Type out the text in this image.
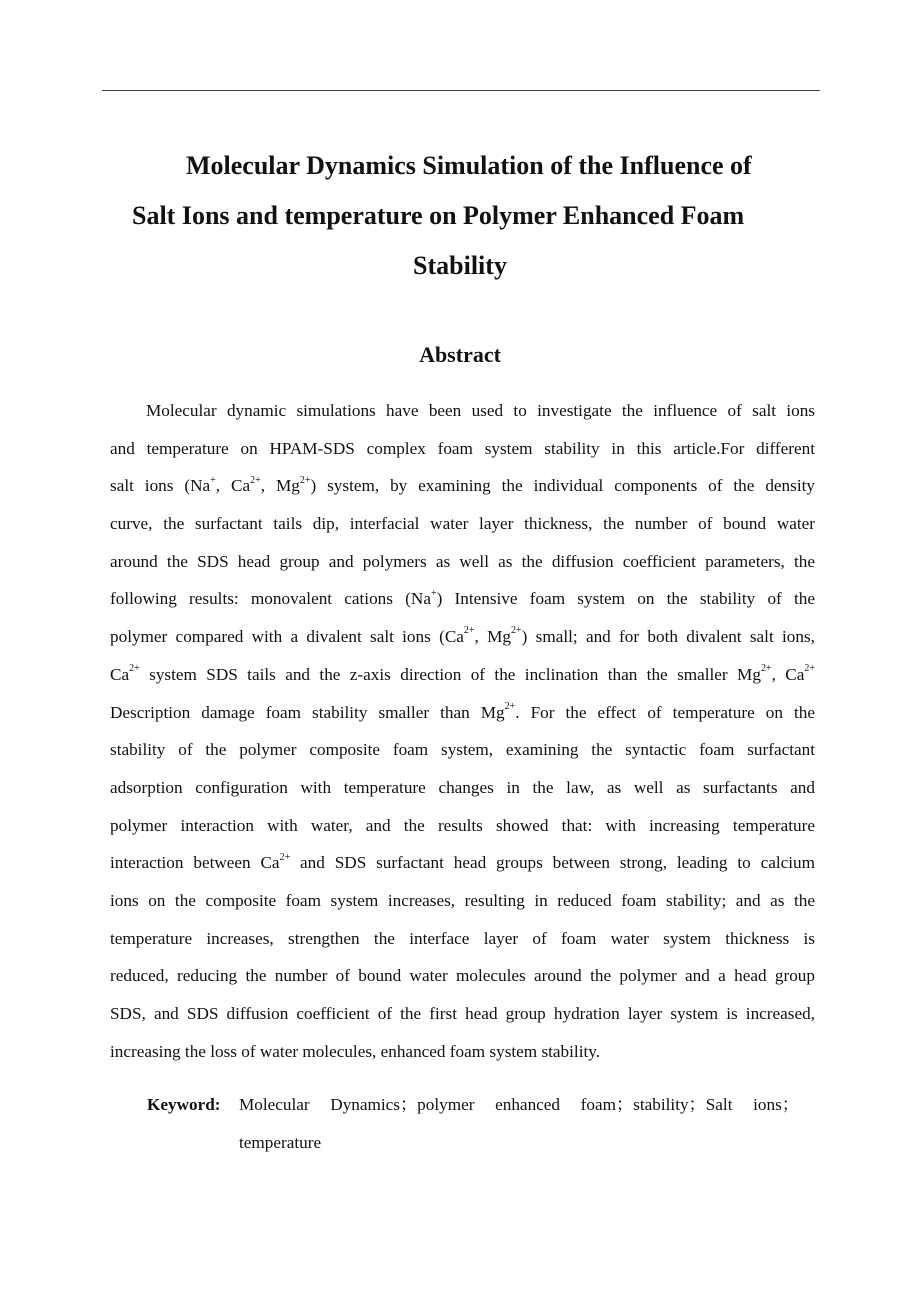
Molecular Dynamics Simulation of the Influence of
Salt Ions and temperature on Polymer Enhanced Foam
Stability
Abstract
Molecular dynamic simulations have been used to investigate the influence of salt ions
and temperature on HPAM-SDS complex foam system stability in this article.For different
salt ions (Na+, $Ca^{2+}$, $Mg^{2+}$) system, by examining the individual components of the density
curve, the surfactant tails dip, interfacial water layer thickness, the number of bound water
around the SDS head group and polymers as well as the diffusion coefficient parameters, the
following results: monovalent cations (Na+) Intensive foam system on the stability of the
polymer compared with a divalent salt ions ($Ca^{2+}$, $Mg^{2+}$) small; and for both divalent salt ions,
$Ca^{2+}$ system SDS tails and the z-axis direction of the inclination than the smaller $Mg^{2+}$, $Ca^{2+}$
Description damage foam stability smaller than $Mg^{2+}$. For the effect of temperature on the
stability of the polymer composite foam system, examining the syntactic foam surfactant
adsorption configuration with temperature changes in the law, as well as surfactants and
polymer interaction with water, and the results showed that: with increasing temperature
interaction between $Ca^{2+}$ and SDS surfactant head groups between strong, leading to calcium
ions on the composite foam system increases, resulting in reduced foam stability; and as the
temperature increases, strengthen the interface layer of foam water system thickness is
reduced, reducing the number of bound water molecules around the polymer and a head group
SDS, and SDS diffusion coefficient of the first head group hydration layer system is increased,
increasing the loss of water molecules, enhanced foam system stability.
Keyword: Molecular Dynamics；polymer enhanced foam；stability；Salt ions；
temperature
